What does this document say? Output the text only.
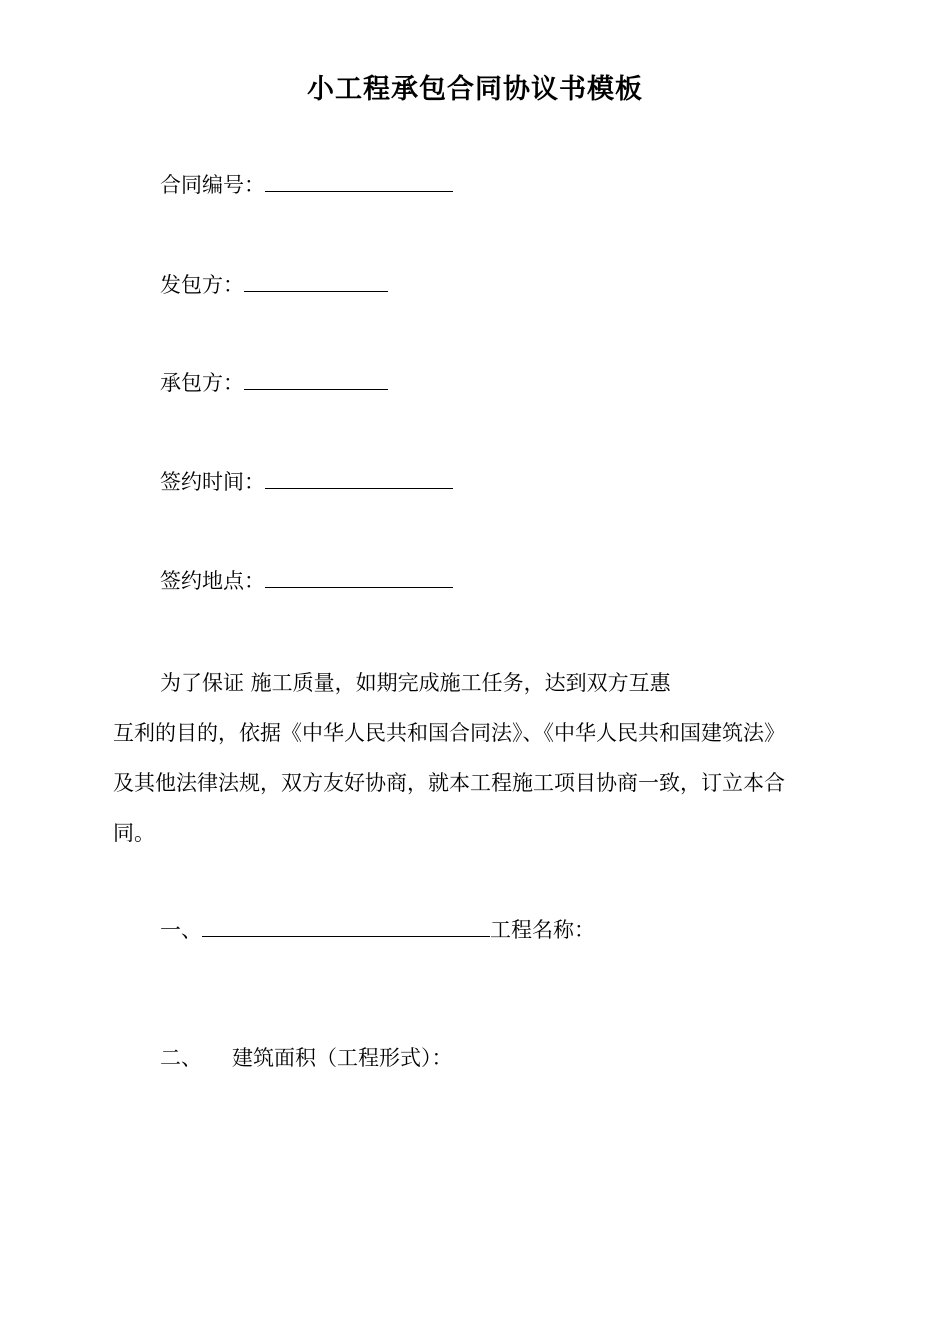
小工程承包合同协议书模板
合同编号：
发包方：
承包方：
签约时间：
签约地点：
为了保证 施工质量，如期完成施工任务，达到双方互惠
互利的目的，依据《中华人民共和国合同法》、《中华人民共和国建筑法》
及其他法律法规，双方友好协商，就本工程施工项目协商一致，订立本合
同。
一、	工程名称：
二、 建筑面积（工程形式）：
